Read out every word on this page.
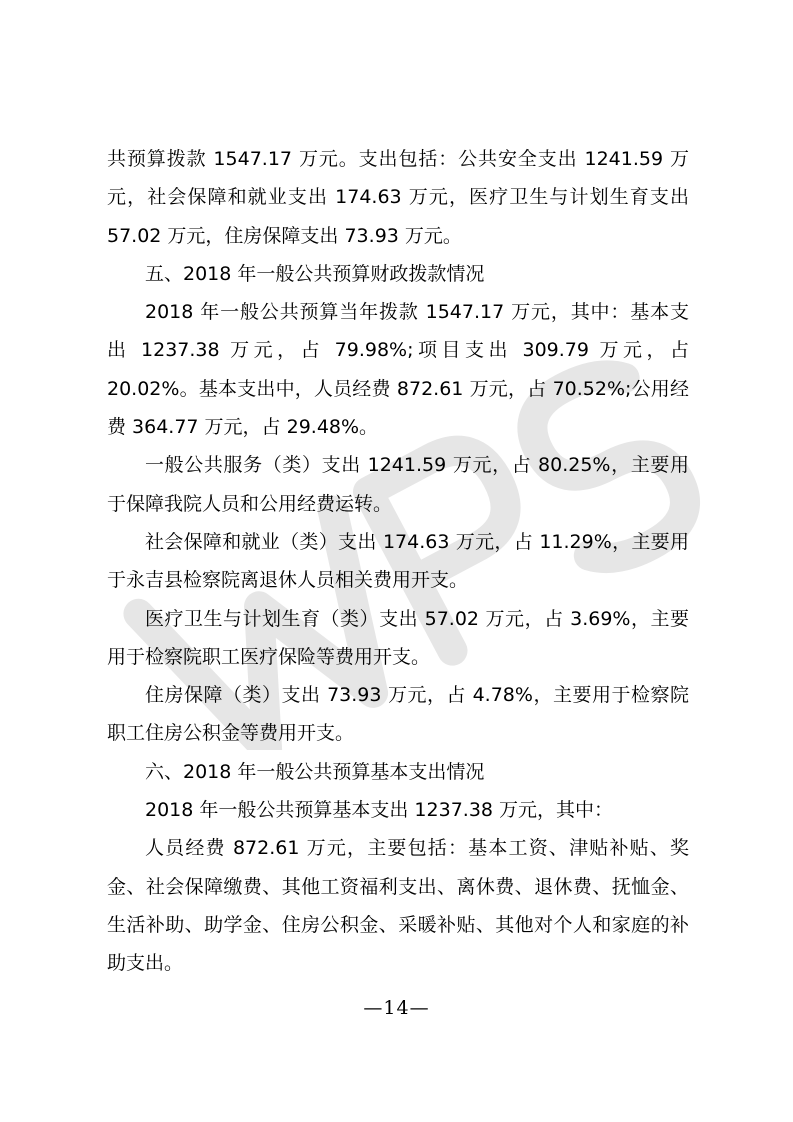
共预算拨款 1547.17 万元。支出包括：公共安全支出 1241.59 万元，社会保障和就业支出 174.63 万元，医疗卫生与计划生育支出 57.02 万元，住房保障支出 73.93 万元。

五、2018 年一般公共预算财政拨款情况

2018 年一般公共预算当年拨款 1547.17 万元，其中：基本支出 1237.38 万元，占 79.98%;项目支出 309.79 万元，占 20.02%。基本支出中，人员经费 872.61 万元，占 70.52%;公用经费 364.77 万元，占 29.48%。

一般公共服务（类）支出 1241.59 万元，占 80.25%，主要用于保障我院人员和公用经费运转。

社会保障和就业（类）支出 174.63 万元，占 11.29%，主要用于永吉县检察院离退休人员相关费用开支。

医疗卫生与计划生育（类）支出 57.02 万元，占 3.69%，主要用于检察院职工医疗保险等费用开支。

住房保障（类）支出 73.93 万元，占 4.78%，主要用于检察院职工住房公积金等费用开支。

六、2018 年一般公共预算基本支出情况

2018 年一般公共预算基本支出 1237.38 万元，其中：

人员经费 872.61 万元，主要包括：基本工资、津贴补贴、奖金、社会保障缴费、其他工资福利支出、离休费、退休费、抚恤金、生活补助、助学金、住房公积金、采暖补贴、其他对个人和家庭的补助支出。

—14—
